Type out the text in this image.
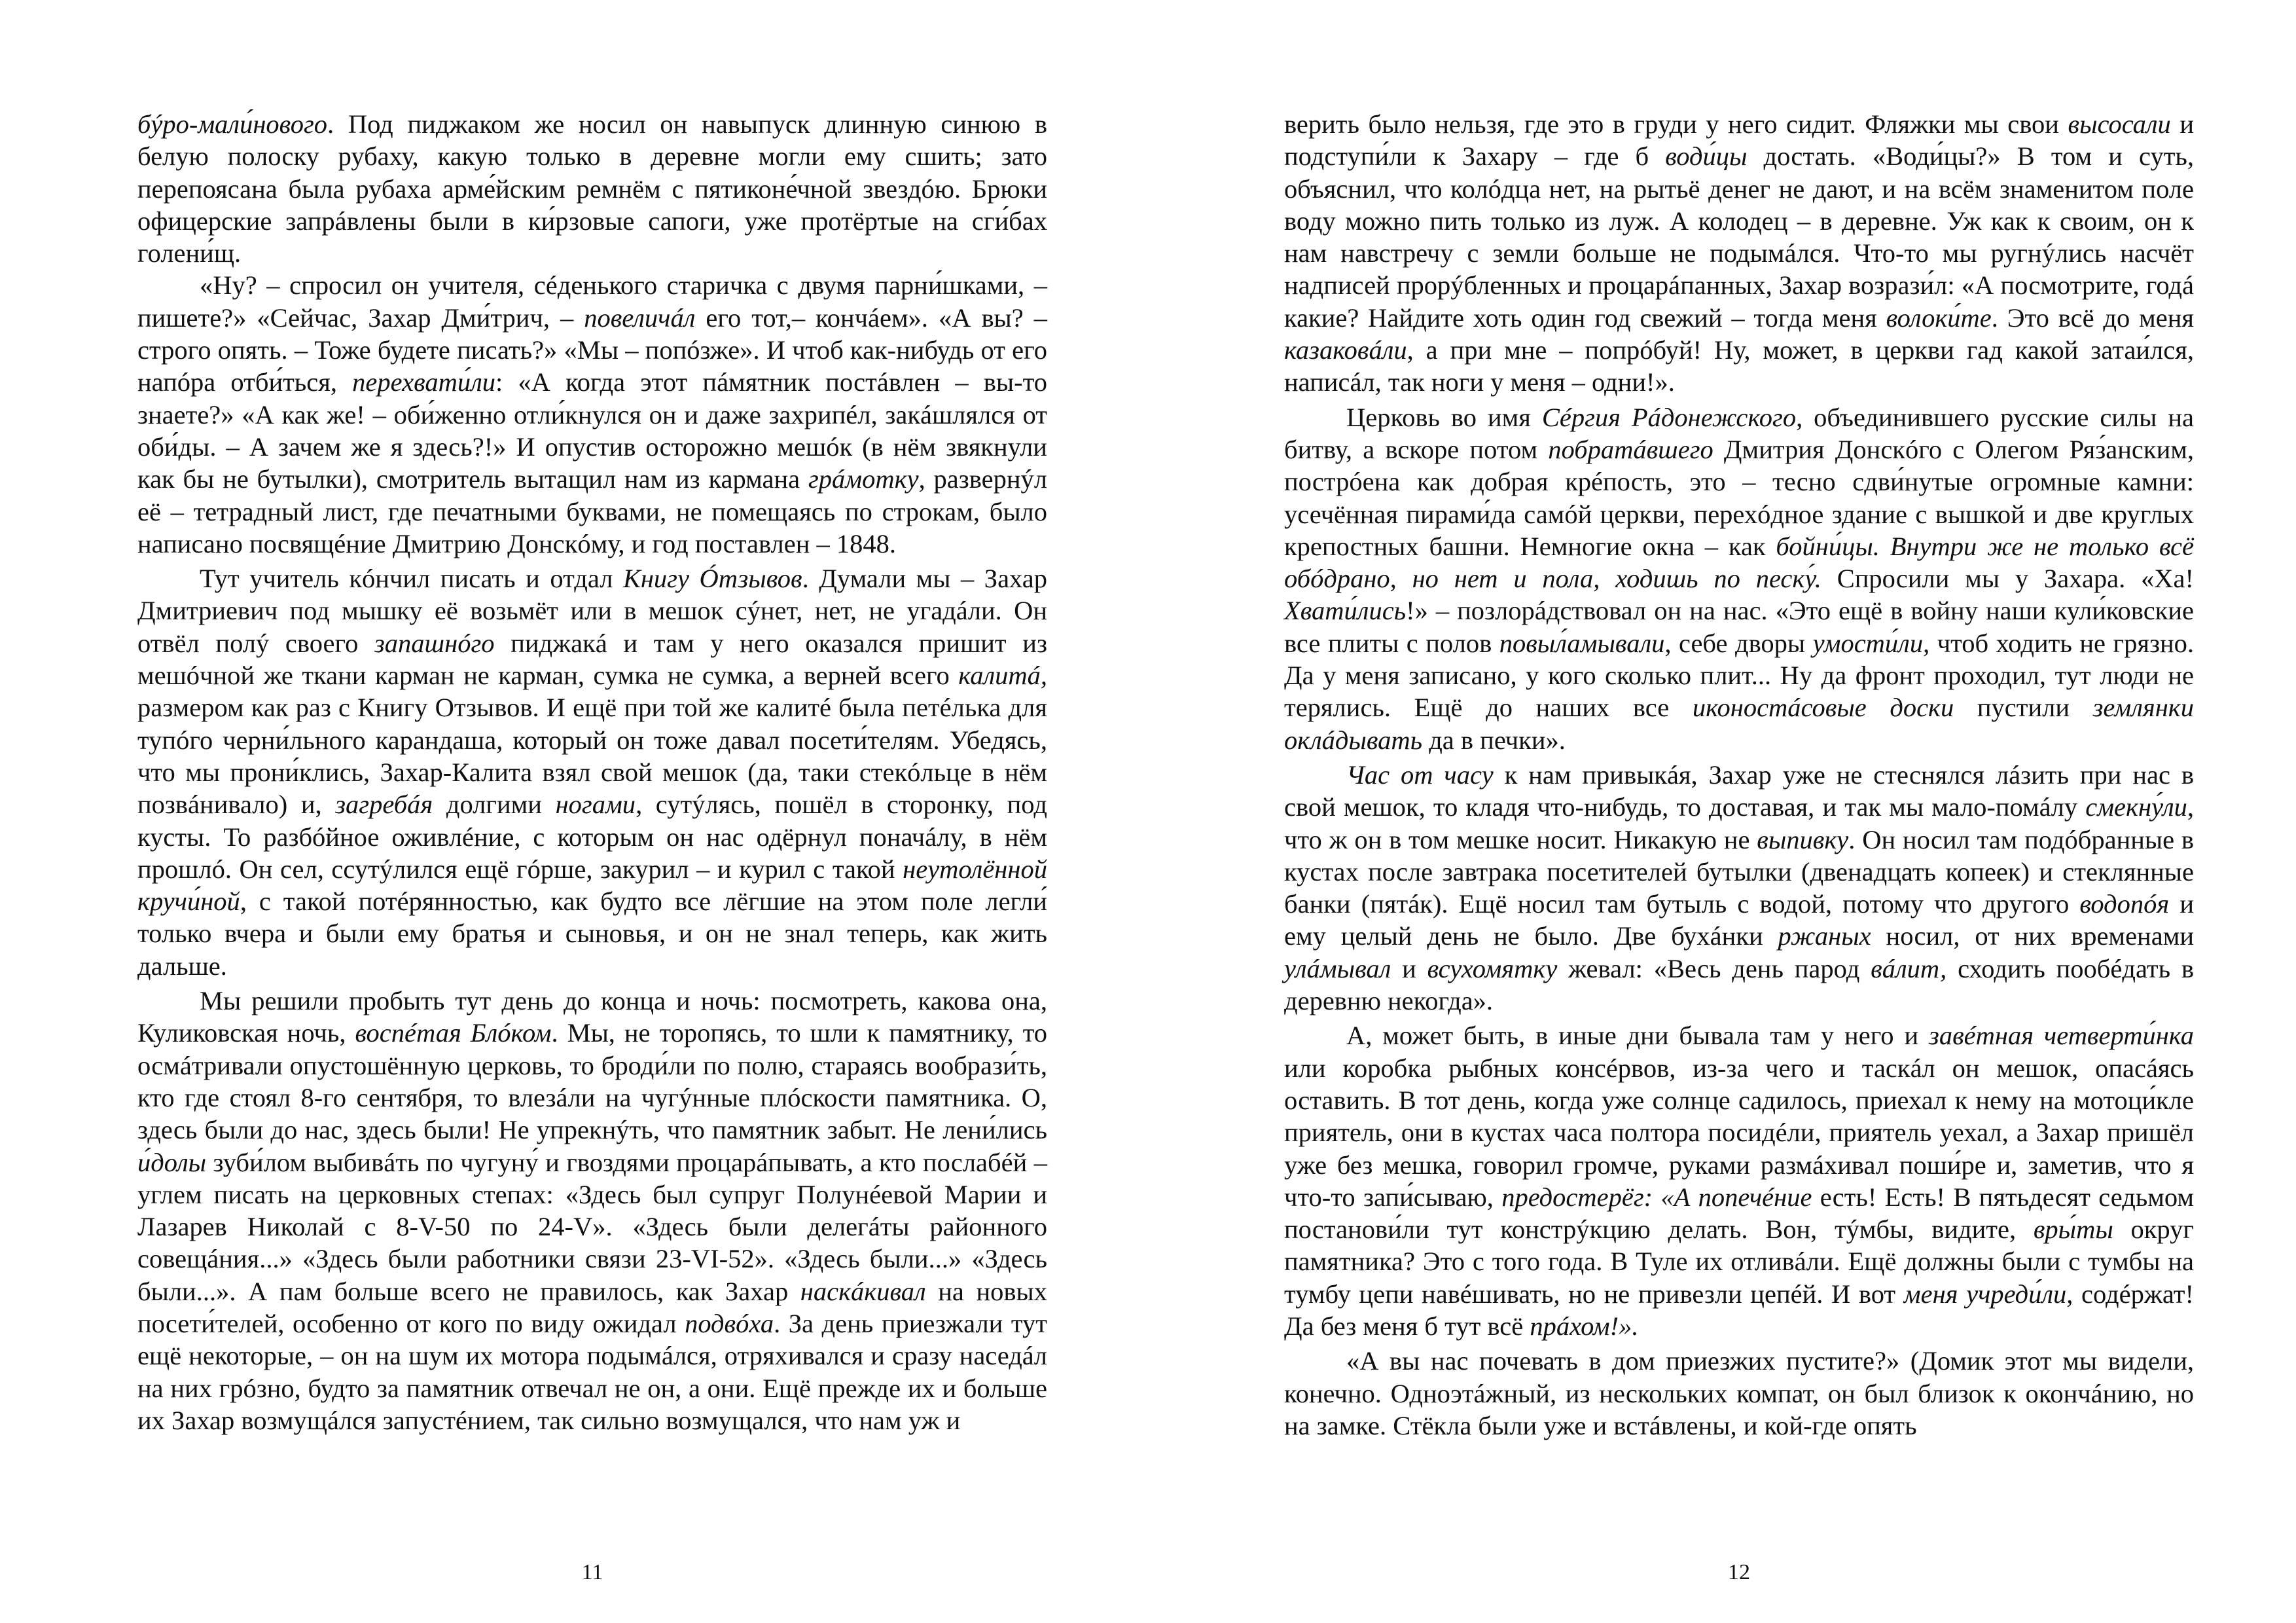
бýро-мали́нового. Под пиджаком же носил он навыпуск длинную синюю в белую полоску рубаху, какую только в деревне могли ему сшить; зато перепоясана была рубаха арме́йским ремнём с пятиконе́чной звездóю. Брюки офицерские запрáвлены были в ки́рзовые сапоги, уже протёртые на сги́бах голени́щ.

«Ну? – спросил он учителя, сéденького старичка с двумя парни́шками, – пишете?» «Сейчас, Захар Дми́трич, – повеличáл его тот,– кончáем». «А вы? – строго опять. – Тоже будете писать?» «Мы – попóзже». И чтоб как-нибудь от его напóра отби́ться, перехвати́ли: «А когда этот пáмятник постáвлен – вы-то знаете?» «А как же! – оби́женно отли́кнулся он и даже захрипéл, закáшлялся от оби́ды. – А зачем же я здесь?!» И опустив осторожно мешóк (в нём звякнули как бы не бутылки), смотритель вытащил нам из кармана грáмотку, развернýл её – тетрадный лист, где печатными буквами, не помещаясь по строкам, было написано посвящéние Дмитрию Донскóму, и год поставлен – 1848.

Тут учитель кóнчил писать и отдал Книгу Óтзывов. Думали мы – Захар Дмитриевич под мышку её возьмёт или в мешок сýнет, нет, не угадáли. Он отвёл полý своего запашнóго пиджакá и там у него оказался пришит из мешóчной же ткани карман не карман, сумка не сумка, а верней всего калитá, размером как раз с Книгу Отзывов. И ещё при той же калитé была петéлька для тупóго черни́льного карандаша, который он тоже давал посети́телям. Убедясь, что мы прони́клись, Захар-Калита взял свой мешок (да, таки стекóльце в нём позвáнивало) и, загребáя долгими ногами, сутýлясь, пошёл в сторонку, под кусты. То разбóйное оживлéние, с которым он нас одёрнул поначáлу, в нём прошлó. Он сел, ссутýлился ещё гóрше, закурил – и курил с такой неутолённой кручи́ной, с такой потéрянностью, как будто все лёгшие на этом поле легли́ только вчера и были ему братья и сыновья, и он не знал теперь, как жить дальше.

Мы решили пробыть тут день до конца и ночь: посмотреть, какова она, Куликовская ночь, воспéтая Блóком. Мы, не торопясь, то шли к памятнику, то осмáтривали опустошённую церковь, то броди́ли по полю, стараясь вообрази́ть, кто где стоял 8-го сентября, то влезáли на чугýнные плóскости памятника. О, здесь были до нас, здесь были! Не упрекнýть, что памятник забыт. Не лени́лись и́долы зуби́лом выбивáть по чугуну́ и гвоздями процарáпывать, а кто послабéй – углем писать на церковных степах: «Здесь был супруг Полунéевой Марии и Лазарев Николай с 8-V-50 по 24-V». «Здесь были делегáты районного совещáния...» «Здесь были работники связи 23-VI-52». «Здесь были...» «Здесь были...». А пам больше всего не правилось, как Захар наскáкивал на новых посети́телей, особенно от кого по виду ожидал подвóха. За день приезжали тут ещё некоторые, – он на шум их мотора подымáлся, отряхивался и сразу наседáл на них грóзно, будто за памятник отвечал не он, а они. Ещё прежде их и больше их Захар возмущáлся запустéнием, так сильно возмущался, что нам уж и

11

верить было нельзя, где это в груди у него сидит. Фляжки мы свои высосали и подступи́ли к Захару – где б води́цы достать. «Води́цы?» В том и суть, объяснил, что колóдца нет, на рытьё денег не дают, и на всём знаменитом поле воду можно пить только из луж. А колодец – в деревне. Уж как к своим, он к нам навстречу с земли больше не подымáлся. Что-то мы ругнýлись насчёт надписей прорýбленных и процарáпанных, Захар возрази́л: «А посмотрите, годá какие? Найдите хоть один год свежий – тогда меня волоки́те. Это всё до меня казаковáли, а при мне – попрóбуй! Ну, может, в церкви гад какой затаи́лся, написáл, так ноги у меня – одни!».

Церковь во имя Сéргия Рáдонежского, объединившего русские силы на битву, а вскоре потом побратáвшего Дмитрия Донскóго с Олегом Ряз́анским, пострóена как добрая крéпость, это – тесно сдви́нутые огромные камни: усечённая пирами́да самóй церкви, перехóдное здание с вышкой и две круглых крепостных башни. Немногие окна – как бойни́цы. Внутри же не только всё обóдрано, но нет и пола, ходишь по песку́. Спросили мы у Захара. «Ха! Хвати́лись!» – позлорáдствовал он на нас. «Это ещё в войну наши кули́ковские все плиты с полов повыл́амывали, себе дворы умости́ли, чтоб ходить не грязно. Да у меня записано, у кого сколько плит... Ну да фронт проходил, тут люди не терялись. Ещё до наших все иконостáсовые доски пустили землянки оклáдывать да в печки».

Час от часу к нам привыкáя, Захар уже не стеснялся лáзить при нас в свой мешок, то кладя что-нибудь, то доставая, и так мы мало-помáлу смекну́ли, что ж он в том мешке носит. Никакую не выпивку. Он носил там подóбранные в кустах после завтрака посетителей бутылки (двенадцать копеек) и стеклянные банки (пятáк). Ещё носил там бутыль с водой, потому что другого водопóя и ему целый день не было. Две бухáнки ржаных носил, от них временами улáмывал и всухомятку жевал: «Весь день парод вáлит, сходить пообéдать в деревню некогда».

А, может быть, в иные дни бывала там у него и завéтная четверти́нка или коробка рыбных консéрвов, из-за чего и таскáл он мешок, опасáясь оставить. В тот день, когда уже солнце садилось, приехал к нему на мотоци́кле приятель, они в кустах часа полтора посидéли, приятель уехал, а Захар пришёл уже без мешка, говорил громче, руками размáхивал поши́ре и, заметив, что я что-то запи́сываю, предостерёг: «А попечéние есть! Есть! В пятьдесят седьмом постанови́ли тут констрýкцию делать. Вон, тýмбы, видите, вры́ты округ памятника? Это с того года. В Туле их отливáли. Ещё должны были с тумбы на тумбу цепи навéшивать, но не привезли цепéй. И вот меня учреди́ли, содéржат! Да без меня б тут всё прáхом!».

«А вы нас почевать в дом приезжих пустите?» (Домик этот мы видели, конечно. Одноэтáжный, из нескольких компат, он был близок к окончáнию, но на замке. Стёкла были уже и встáвлены, и кой-где опять

12
